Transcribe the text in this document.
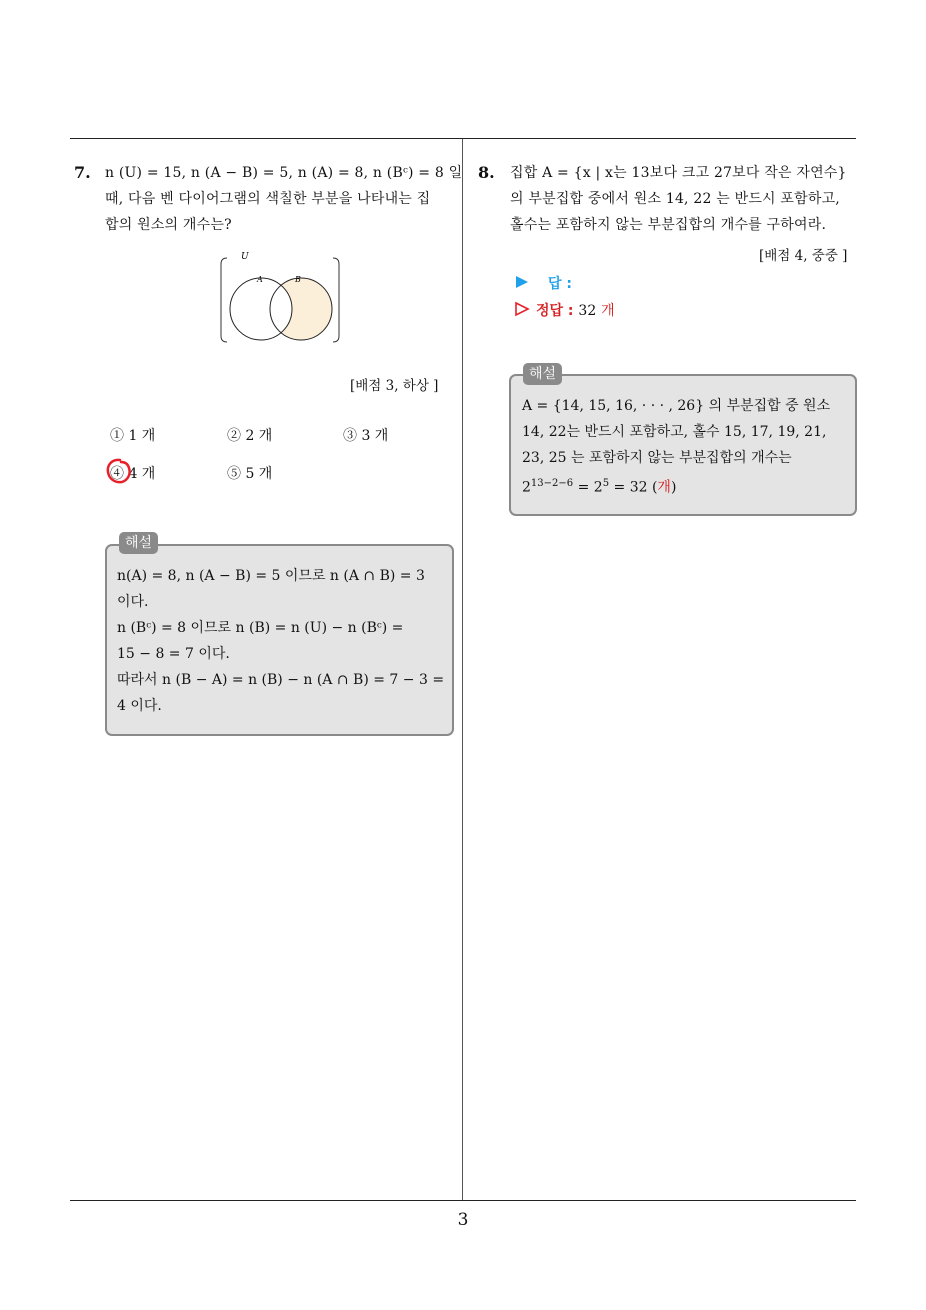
7. n (U) = 15, n (A − B) = 5, n (A) = 8, n (Bᶜ) = 8 일

때, 다음 벤 다이어그램의 색칠한 부분을 나타내는 집

합의 원소의 개수는?

U
A	B
[배점 3, 하상 ]
① 1 개	② 2 개	③ 3 개
④ 4 개	⑤ 5 개
해설

n(A) = 8, n (A − B) = 5 이므로 n (A ∩ B) = 3

이다.

n (Bᶜ) = 8 이므로 n (B) = n (U) − n (Bᶜ) =

15 − 8 = 7 이다.

따라서 n (B − A) = n (B) − n (A ∩ B) = 7 − 3 =

4 이다.

8. 집합 A = {x | x는 13보다 크고 27보다 작은 자연수}

의 부분집합 중에서 원소 14, 22 는 반드시 포함하고,

홀수는 포함하지 않는 부분집합의 개수를 구하여라.

[배점 4, 중중 ]
답 :
정답 : 32 개
해설

A = {14, 15, 16, · · · , 26} 의 부분집합 중 원소

14, 22는 반드시 포함하고, 홀수 15, 17, 19, 21,

23, 25 는 포함하지 않는 부분집합의 개수는

$2^{13-2-6} = 2^5 = 32$ (개)

3
